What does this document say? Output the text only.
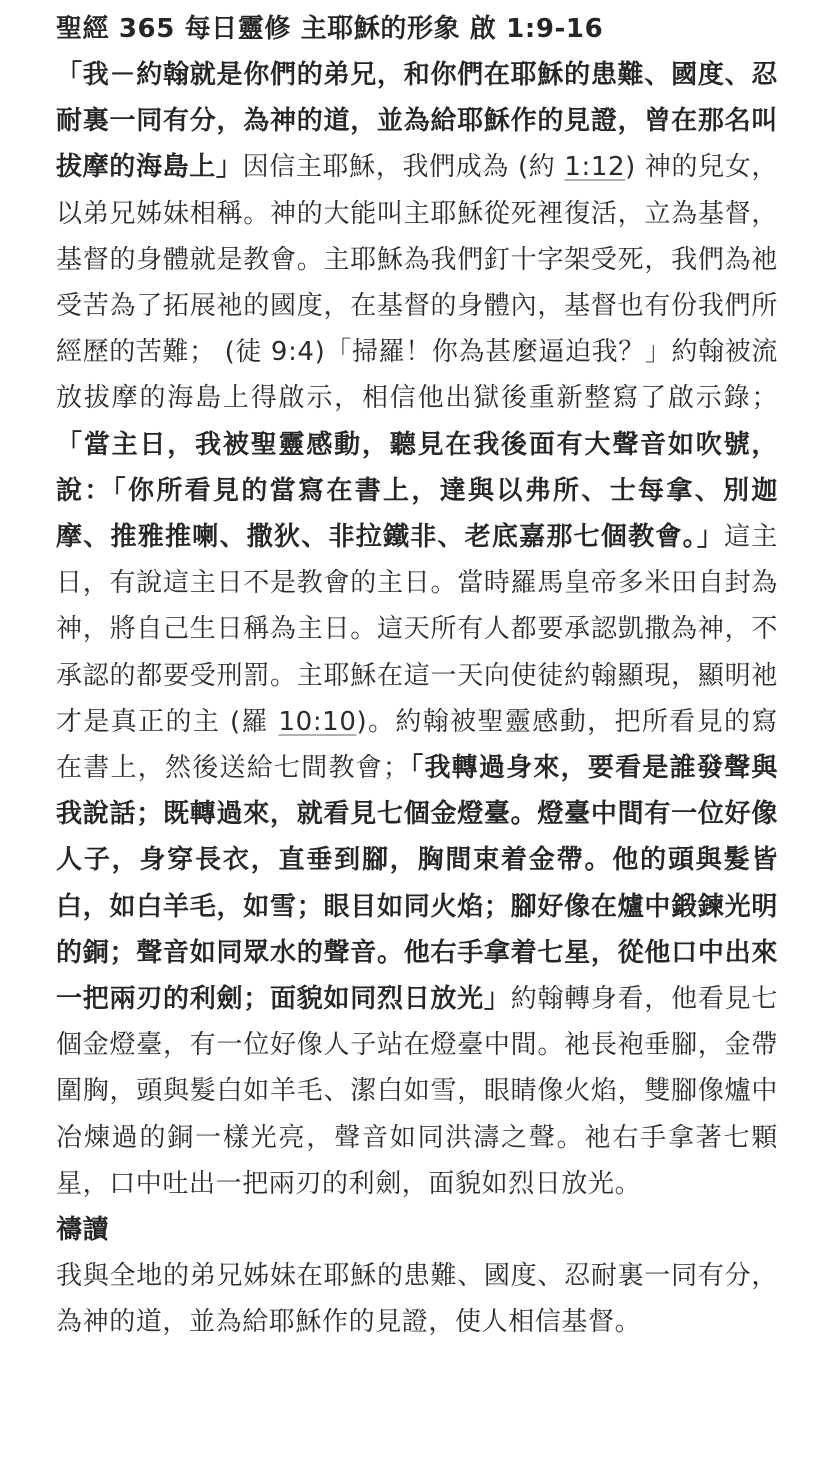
聖經 365 每日靈修 主耶穌的形象 啟 1:9-16

「我－約翰就是你們的弟兄，和你們在耶穌的患難、國度、忍耐裏一同有分，為神的道，並為給耶穌作的見證，曾在那名叫拔摩的海島上」因信主耶穌，我們成為 (約 1:12) 神的兒女，以弟兄姊妹相稱。神的大能叫主耶穌從死裡復活，立為基督，基督的身體就是教會。主耶穌為我們釘十字架受死，我們為祂受苦為了拓展祂的國度，在基督的身體內，基督也有份我們所經歷的苦難； (徒 9:4)「掃羅！你為甚麼逼迫我？」約翰被流放拔摩的海島上得啟示，相信他出獄後重新整寫了啟示錄；「當主日，我被聖靈感動，聽見在我後面有大聲音如吹號，說：「你所看見的當寫在書上，達與以弗所、士每拿、別迦摩、推雅推喇、撒狄、非拉鐵非、老底嘉那七個教會。」這主日，有說這主日不是教會的主日。當時羅馬皇帝多米田自封為神，將自己生日稱為主日。這天所有人都要承認凱撒為神，不承認的都要受刑罰。主耶穌在這一天向使徒約翰顯現，顯明祂才是真正的主 (羅 10:10)。約翰被聖靈感動，把所看見的寫在書上，然後送給七間教會；「我轉過身來，要看是誰發聲與我說話；既轉過來，就看見七個金燈臺。燈臺中間有一位好像人子，身穿長衣，直垂到腳，胸間束着金帶。他的頭與髮皆白，如白羊毛，如雪；眼目如同火焰；腳好像在爐中鍛鍊光明的銅；聲音如同眾水的聲音。他右手拿着七星，從他口中出來一把兩刃的利劍；面貌如同烈日放光」約翰轉身看，他看見七個金燈臺，有一位好像人子站在燈臺中間。祂長袍垂腳，金帶圍胸，頭與髮白如羊毛、潔白如雪，眼睛像火焰，雙腳像爐中冶煉過的銅一樣光亮，聲音如同洪濤之聲。祂右手拿著七顆星，口中吐出一把兩刃的利劍，面貌如烈日放光。

禱讀

我與全地的弟兄姊妹在耶穌的患難、國度、忍耐裏一同有分，為神的道，並為給耶穌作的見證，使人相信基督。
